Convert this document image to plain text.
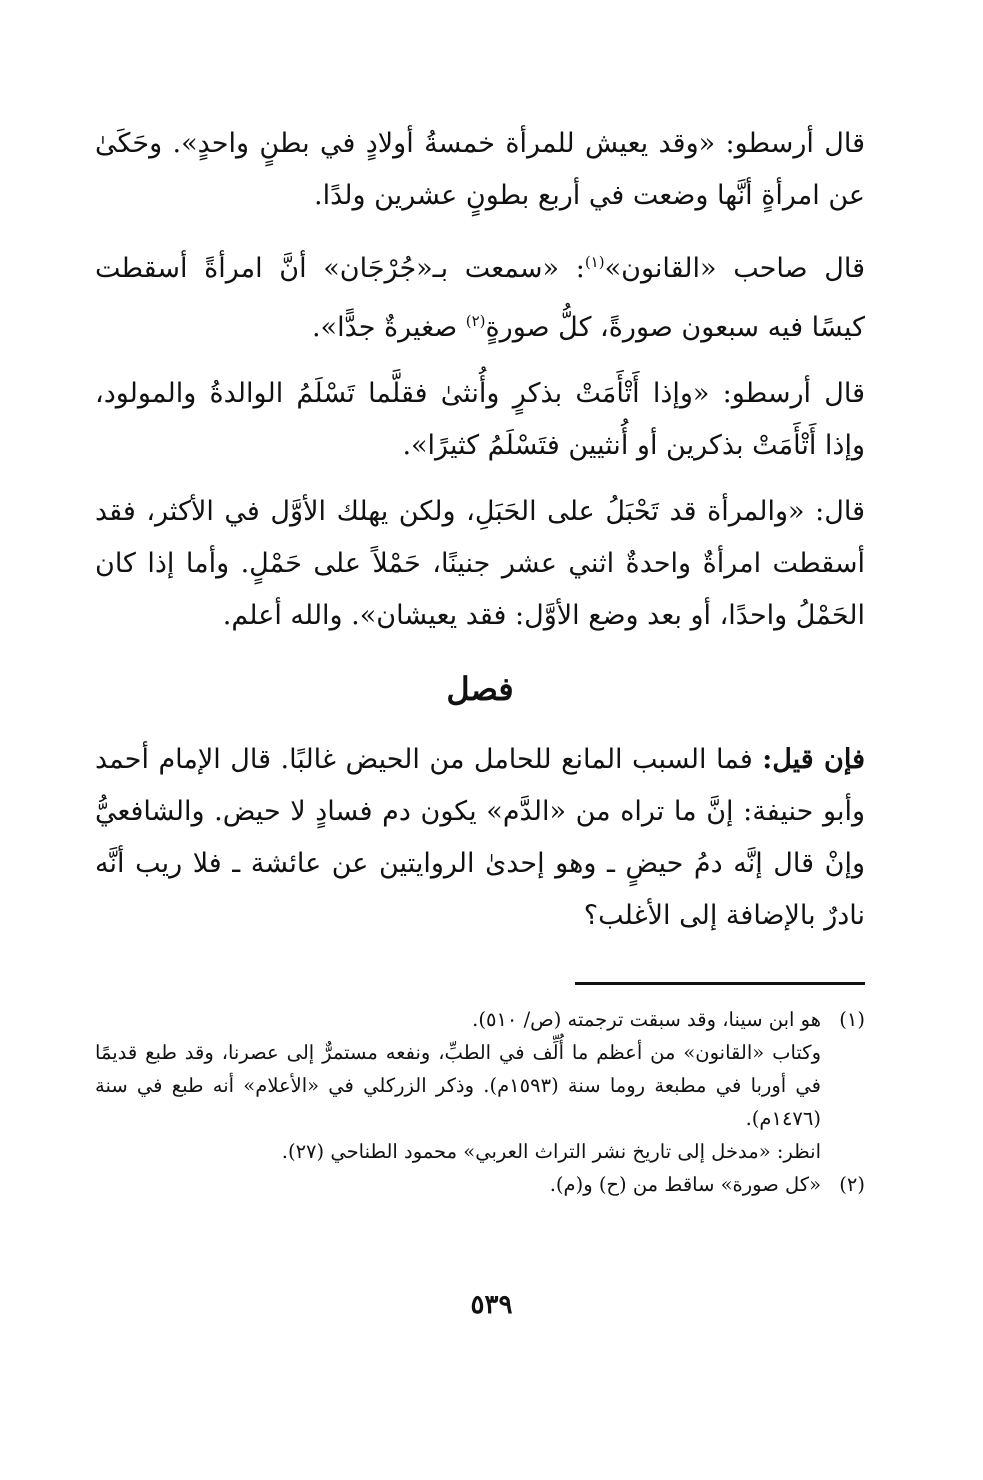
قال أرسطو: «وقد يعيش للمرأة خمسةُ أولادٍ في بطنٍ واحدٍ». وحَكَىٰ عن امرأةٍ أنَّها وضعت في أربع بطونٍ عشرين ولدًا.

قال صاحب «القانون»$^{(١)}$: «سمعت بـ«جُرْجَان» أنَّ امرأةً أسقطت كيسًا فيه سبعون صورةً، كلُّ صورةٍ$^{(٢)}$ صغيرةٌ جدًّا».

قال أرسطو: «وإذا أَتْأَمَتْ بذكرٍ وأُنثىٰ فقلَّما تَسْلَمُ الوالدةُ والمولود، وإذا أَتْأَمَتْ بذكرين أو أُنثيين فتَسْلَمُ كثيرًا».

قال: «والمرأة قد تَحْبَلُ على الحَبَلِ، ولكن يهلك الأوَّل في الأكثر، فقد أسقطت امرأةٌ واحدةٌ اثني عشر جنينًا، حَمْلاً على حَمْلٍ. وأما إذا كان الحَمْلُ واحدًا، أو بعد وضع الأوَّل: فقد يعيشان». والله أعلم.

فصل

فإن قيل: فما السبب المانع للحامل من الحيض غالبًا. قال الإمام أحمد وأبو حنيفة: إنَّ ما تراه من «الدَّم» يكون دم فسادٍ لا حيض. والشافعيُّ وإنْ قال إنَّه دمُ حيضٍ ـ وهو إحدىٰ الروايتين عن عائشة ـ فلا ريب أنَّه نادرٌ بالإضافة إلى الأغلب؟

(١)هو ابن سينا، وقد سبقت ترجمته (ص/ ٥١٠).

وكتاب «القانون» من أعظم ما أُلِّف في الطبِّ، ونفعه مستمرٌّ إلى عصرنا، وقد طبع قديمًا في أوربا في مطبعة روما سنة (١٥٩٣م). وذكر الزركلي في «الأعلام» أنه طبع في سنة (١٤٧٦م).

انظر: «مدخل إلى تاريخ نشر التراث العربي» محمود الطناحي (٢٧).

(٢)«كل صورة» ساقط من (ح) و(م).

٥٣٩
